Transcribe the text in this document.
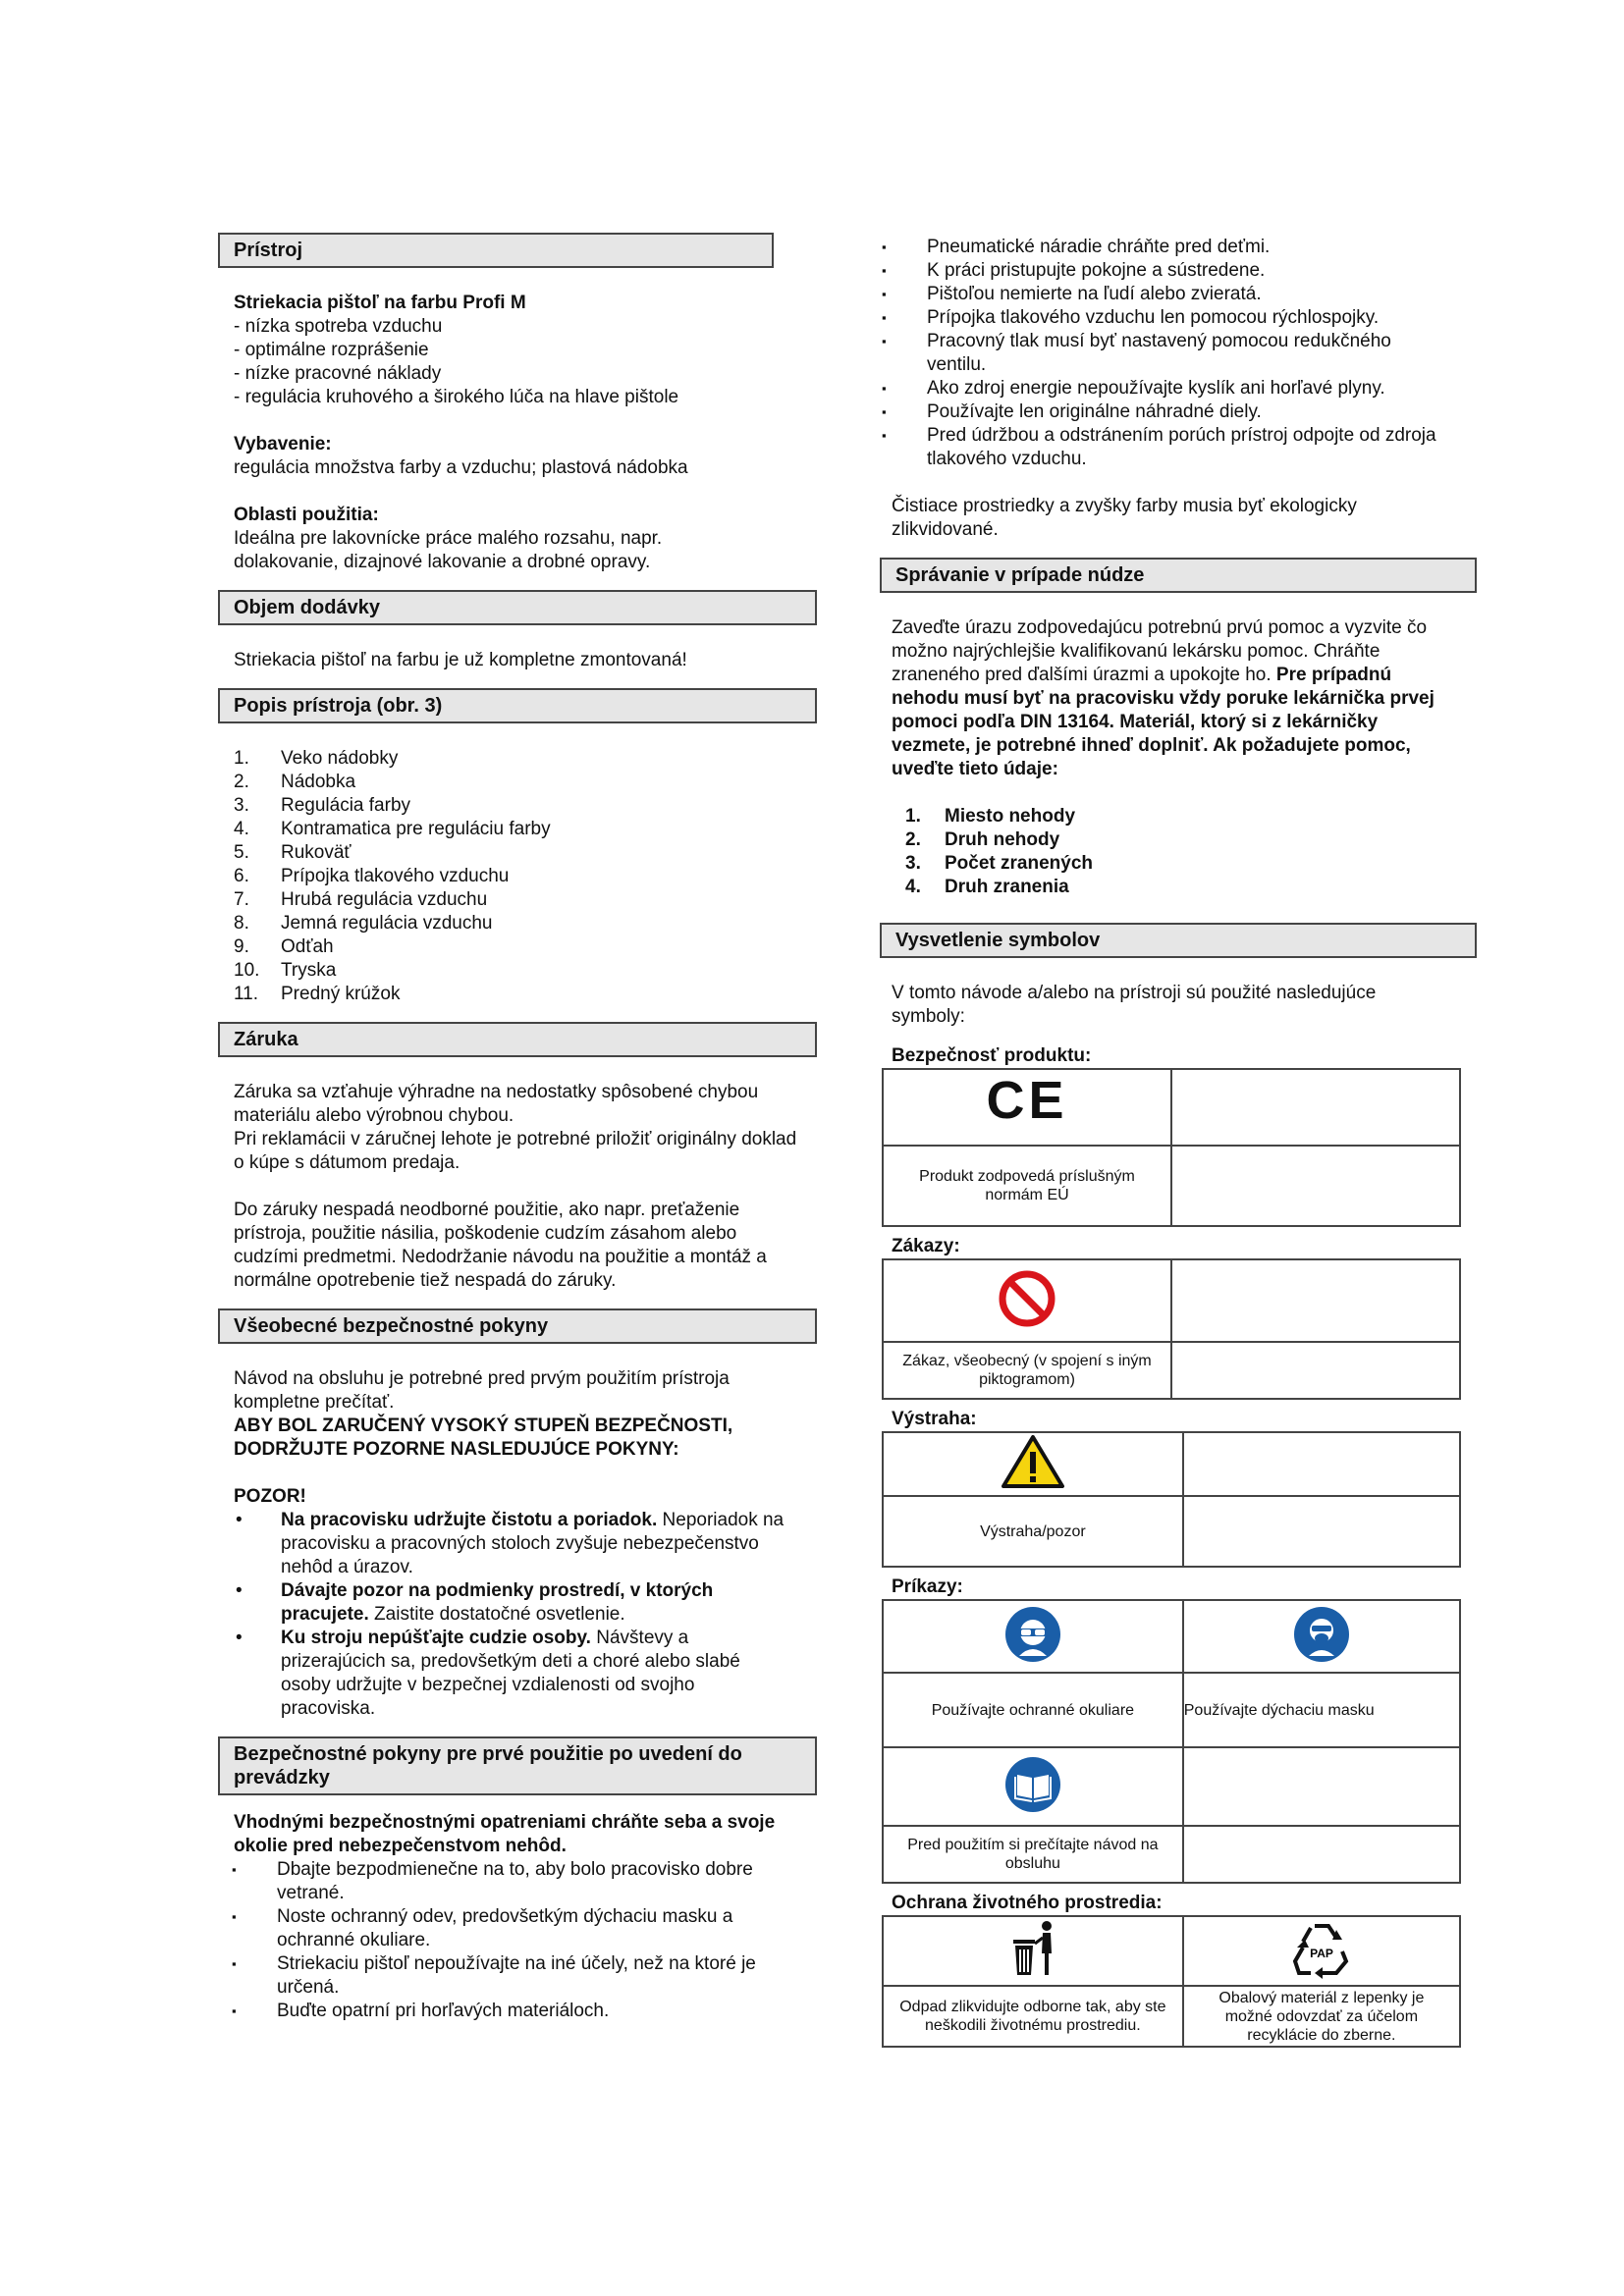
Prístroj

Striekacia pištoľ na farbu Profi M

- nízka spotreba vzduchu

- optimálne rozprášenie

- nízke pracovné náklady

- regulácia kruhového a širokého lúča na hlave pištole

Vybavenie:

regulácia množstva farby a vzduchu; plastová nádobka

Oblasti použitia:

Ideálna pre lakovnícke práce malého rozsahu, napr. dolakovanie, dizajnové lakovanie a drobné opravy.

Objem dodávky

Striekacia pištoľ na farbu je už kompletne zmontovaná!

Popis prístroja (obr. 3)
1. Veko nádobky
2. Nádobka
3. Regulácia farby
4. Kontramatica pre reguláciu farby
5. Rukoväť
6. Prípojka tlakového vzduchu
7. Hrubá regulácia vzduchu
8. Jemná regulácia vzduchu
9. Odťah
10. Tryska
11. Predný krúžok
Záruka

Záruka sa vzťahuje výhradne na nedostatky spôsobené chybou materiálu alebo výrobnou chybou.

Pri reklamácii v záručnej lehote je potrebné priložiť originálny doklad o kúpe s dátumom predaja.

Do záruky nespadá neodborné použitie, ako napr. preťaženie prístroja, použitie násilia, poškodenie cudzím zásahom alebo cudzími predmetmi. Nedodržanie návodu na použitie a montáž a normálne opotrebenie tiež nespadá do záruky.

Všeobecné bezpečnostné pokyny

Návod na obsluhu je potrebné pred prvým použitím prístroja kompletne prečítať.

ABY BOL ZARUČENÝ VYSOKÝ STUPEŇ BEZPEČNOSTI, DODRŽUJTE POZORNE NASLEDUJÚCE POKYNY:

POZOR!

• Na pracovisku udržujte čistotu a poriadok. Neporiadok na pracovisku a pracovných stoloch zvyšuje nebezpečenstvo nehôd a úrazov.
• Dávajte pozor na podmienky prostredí, v ktorých pracujete. Zaistite dostatočné osvetlenie.
• Ku stroju nepúšťajte cudzie osoby. Návštevy a prizerajúcich sa, predovšetkým deti a choré alebo slabé osoby udržujte v bezpečnej vzdialenosti od svojho pracoviska.
Bezpečnostné pokyny pre prvé použitie po uvedení do prevádzky

Vhodnými bezpečnostnými opatreniami chráňte seba a svoje okolie pred nebezpečenstvom nehôd.

▪ Dbajte bezpodmienečne na to, aby bolo pracovisko dobre vetrané.
▪ Noste ochranný odev, predovšetkým dýchaciu masku a ochranné okuliare.
▪ Striekaciu pištoľ nepoužívajte na iné účely, než na ktoré je určená.
▪ Buďte opatrní pri horľavých materiáloch.
▪ Pneumatické náradie chráňte pred deťmi.
▪ K práci pristupujte pokojne a sústredene.
▪ Pištoľou nemierte na ľudí alebo zvieratá.
▪ Prípojka tlakového vzduchu len pomocou rýchlospojky.
▪ Pracovný tlak musí byť nastavený pomocou redukčného ventilu.
▪ Ako zdroj energie nepoužívajte kyslík ani horľavé plyny.
▪ Používajte len originálne náhradné diely.
▪ Pred údržbou a odstránením porúch prístroj odpojte od zdroja tlakového vzduchu.

Čistiace prostriedky a zvyšky farby musia byť ekologicky zlikvidované.

Správanie v prípade núdze

Zaveďte úrazu zodpovedajúcu potrebnú prvú pomoc a vyzvite čo možno najrýchlejšie kvalifikovanú lekársku pomoc. Chráňte zraneného pred ďalšími úrazmi a upokojte ho. Pre prípadnú nehodu musí byť na pracovisku vždy poruke lekárnička prvej pomoci podľa DIN 13164. Materiál, ktorý si z lekárničky vezmete, je potrebné ihneď doplniť. Ak požadujete pomoc, uveďte tieto údaje:

1. Miesto nehody
2. Druh nehody
3. Počet zranených
4. Druh zranenia
Vysvetlenie symbolov

V tomto návode a/alebo na prístroji sú použité nasledujúce symboly:

Bezpečnosť produktu:
CE	

Produkt zodpovedá príslušným normám EÚ	

Zákazy:

Zákaz, všeobecný (v spojení s iným piktogramom)	

Výstraha:

Výstraha/pozor	
Príkazy:

Používajte ochranné okuliare	Používajte dýchaciu masku

Pred použitím si prečítajte návod na obsluhu	

Ochrana životného prostredia:

PAP

Odpad zlikvidujte odborne tak, aby ste neškodili životnému prostrediu.	Obalový materiál z lepenky je možné odovzdať za účelom recyklácie do zberne.
